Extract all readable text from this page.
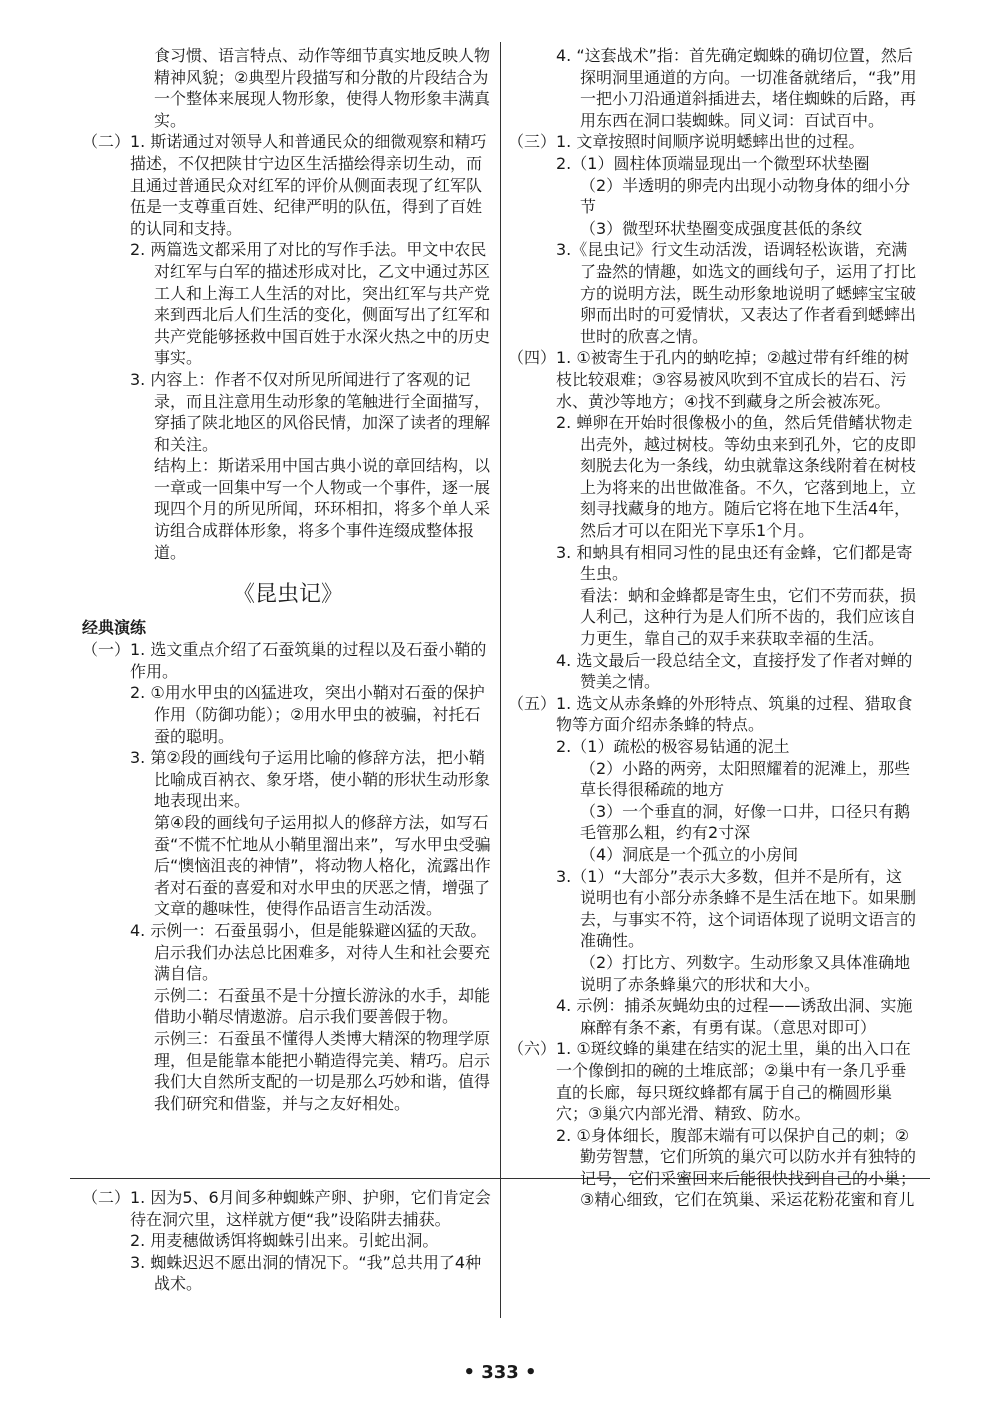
食习惯、语言特点、动作等细节真实地反映人物精神风貌；②典型片段描写和分散的片段结合为一个整体来展现人物形象，使得人物形象丰满真实。

（二）1. 斯诺通过对领导人和普通民众的细微观察和精巧描述，不仅把陕甘宁边区生活描绘得亲切生动，而且通过普通民众对红军的评价从侧面表现了红军队伍是一支尊重百姓、纪律严明的队伍，得到了百姓的认同和支持。

2. 两篇选文都采用了对比的写作手法。甲文中农民对红军与白军的描述形成对比，乙文中通过苏区工人和上海工人生活的对比，突出红军与共产党来到西北后人们生活的变化，侧面写出了红军和共产党能够拯救中国百姓于水深火热之中的历史事实。

3. 内容上：作者不仅对所见所闻进行了客观的记录，而且注意用生动形象的笔触进行全面描写，穿插了陕北地区的风俗民情，加深了读者的理解和关注。

结构上：斯诺采用中国古典小说的章回结构，以一章或一回集中写一个人物或一个事件，逐一展现四个月的所见所闻，环环相扣，将多个单人采访组合成群体形象，将多个事件连缀成整体报道。

《昆虫记》

经典演练

（一）1. 选文重点介绍了石蚕筑巢的过程以及石蚕小鞘的作用。

2. ①用水甲虫的凶猛进攻，突出小鞘对石蚕的保护作用（防御功能）；②用水甲虫的被骗，衬托石蚕的聪明。

3. 第②段的画线句子运用比喻的修辞方法，把小鞘比喻成百衲衣、象牙塔，使小鞘的形状生动形象地表现出来。

第④段的画线句子运用拟人的修辞方法，如写石蚕“不慌不忙地从小鞘里溜出来”，写水甲虫受骗后“懊恼沮丧的神情”，将动物人格化，流露出作者对石蚕的喜爱和对水甲虫的厌恶之情，增强了文章的趣味性，使得作品语言生动活泼。

4. 示例一：石蚕虽弱小，但是能躲避凶猛的天敌。启示我们办法总比困难多，对待人生和社会要充满自信。

示例二：石蚕虽不是十分擅长游泳的水手，却能借助小鞘尽情遨游。启示我们要善假于物。

示例三：石蚕虽不懂得人类博大精深的物理学原理，但是能靠本能把小鞘造得完美、精巧。启示我们大自然所支配的一切是那么巧妙和谐，值得我们研究和借鉴，并与之友好相处。

（二）1. 因为5、6月间多种蜘蛛产卵、护卵，它们肯定会待在洞穴里，这样就方便“我”设陷阱去捕获。

2. 用麦穗做诱饵将蜘蛛引出来。引蛇出洞。

3. 蜘蛛迟迟不愿出洞的情况下。“我”总共用了4种战术。

4. “这套战术”指：首先确定蜘蛛的确切位置，然后探明洞里通道的方向。一切准备就绪后，“我”用一把小刀沿通道斜插进去，堵住蜘蛛的后路，再用东西在洞口装蜘蛛。同义词：百试百中。

（三）1. 文章按照时间顺序说明蟋蟀出世的过程。

2.（1）圆柱体顶端显现出一个微型环状垫圈

（2）半透明的卵壳内出现小动物身体的细小分节

（3）微型环状垫圈变成强度甚低的条纹

3.《昆虫记》行文生动活泼，语调轻松诙谐，充满了盎然的情趣，如选文的画线句子，运用了打比方的说明方法，既生动形象地说明了蟋蟀宝宝破卵而出时的可爱情状，又表达了作者看到蟋蟀出世时的欣喜之情。

（四）1. ①被寄生于孔内的蚋吃掉；②越过带有纤维的树枝比较艰难；③容易被风吹到不宜成长的岩石、污水、黄沙等地方；④找不到藏身之所会被冻死。

2. 蝉卵在开始时很像极小的鱼，然后凭借鳍状物走出壳外，越过树枝。等幼虫来到孔外，它的皮即刻脱去化为一条线，幼虫就靠这条线附着在树枝上为将来的出世做准备。不久，它落到地上，立刻寻找藏身的地方。随后它将在地下生活4年，然后才可以在阳光下享乐1个月。

3. 和蚋具有相同习性的昆虫还有金蜂，它们都是寄生虫。

看法：蚋和金蜂都是寄生虫，它们不劳而获，损人利己，这种行为是人们所不齿的，我们应该自力更生，靠自己的双手来获取幸福的生活。

4. 选文最后一段总结全文，直接抒发了作者对蝉的赞美之情。

（五）1. 选文从赤条蜂的外形特点、筑巢的过程、猎取食物等方面介绍赤条蜂的特点。

2.（1）疏松的极容易钻通的泥土

（2）小路的两旁，太阳照耀着的泥滩上，那些草长得很稀疏的地方

（3）一个垂直的洞，好像一口井，口径只有鹅毛管那么粗，约有2寸深

（4）洞底是一个孤立的小房间

3.（1）“大部分”表示大多数，但并不是所有，这说明也有小部分赤条蜂不是生活在地下。如果删去，与事实不符，这个词语体现了说明文语言的准确性。

（2）打比方、列数字。生动形象又具体准确地说明了赤条蜂巢穴的形状和大小。

4. 示例：捕杀灰蝇幼虫的过程——诱敌出洞、实施麻醉有条不紊，有勇有谋。（意思对即可）

（六）1. ①斑纹蜂的巢建在结实的泥土里，巢的出入口在一个像倒扣的碗的土堆底部；②巢中有一条几乎垂直的长廊，每只斑纹蜂都有属于自己的椭圆形巢穴；③巢穴内部光滑、精致、防水。

2. ①身体细长，腹部末端有可以保护自己的刺；②勤劳智慧，它们所筑的巢穴可以防水并有独特的记号，它们采蜜回来后能很快找到自己的小巢；③精心细致，它们在筑巢、采运花粉花蜜和育儿

• 333 •
